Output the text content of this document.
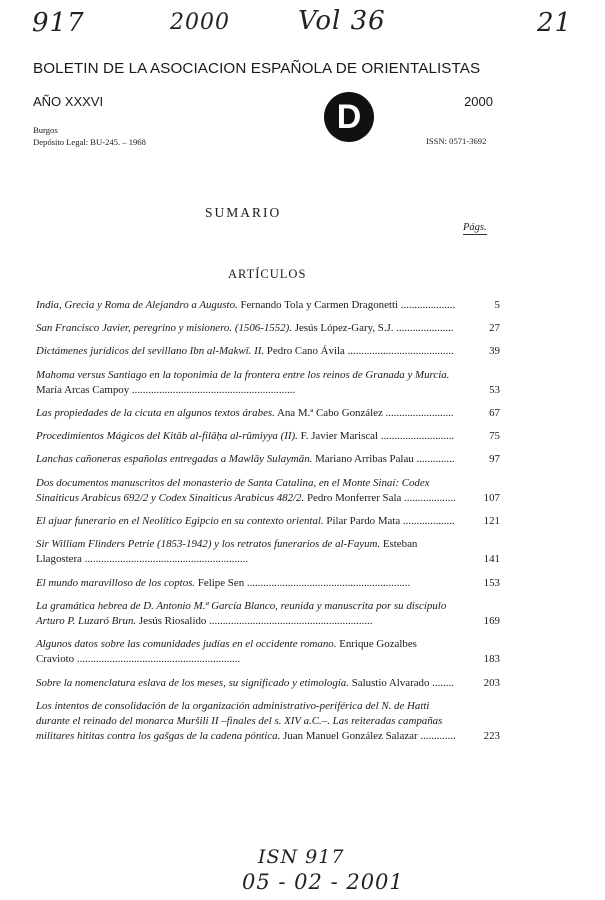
917	2000	Vol 36	21
BOLETIN DE LA ASOCIACION ESPAÑOLA DE ORIENTALISTAS
AÑO XXXVI	2000
D
Burgos
Depósito Legal: BU-245. – 1968	ISSN: 0571-3692
SUMARIO
Págs.
ARTÍCULOS
India, Grecia y Roma de Alejandro a Augusto. Fernando Tola y Carmen Dragonetti ....................	5
San Francisco Javier, peregrino y misionero. (1506-1552). Jesús López-Gary, S.J. .....................	27
Dictámenes jurídicos del sevillano Ibn al-Makwī. II. Pedro Cano Ávila .......................................	39
Mahoma versus Santiago en la toponimia de la frontera entre los reinos de Granada y Murcia. María Arcas Campoy ............................................................	53
Las propiedades de la cicuta en algunos textos árabes. Ana M.ª Cabo González .........................	67
Procedimientos Mágicos del Kitāb al-filāḥa al-rūmiyya (II). F. Javier Mariscal ...........................	75
Lanchas cañoneras españolas entregadas a Mawlāy Sulaymān. Mariano Arribas Palau ..............	97
Dos documentos manuscritos del monasterio de Santa Catalina, en el Monte Sinaí: Codex Sinaiticus Arabicus 692/2 y Codex Sinaiticus Arabicus 482/2. Pedro Monferrer Sala ...................	107
El ajuar funerario en el Neolítico Egipcio en su contexto oriental. Pilar Pardo Mata ...................	121
Sir William Flinders Petrie (1853-1942) y los retratos funerarios de al-Fayum. Esteban Llagostera ............................................................	141
El mundo maravilloso de los coptos. Felipe Sen ............................................................	153
La gramática hebrea de D. Antonio M.ª García Blanco, reunida y manuscrita por su discípulo Arturo P. Luzaró Brun. Jesús Riosalido ............................................................	169
Algunos datos sobre las comunidades judías en el occidente romano. Enrique Gozalbes Cravioto ............................................................	183
Sobre la nomenclatura eslava de los meses, su significado y etimología. Salustio Alvarado ........	203
Los intentos de consolidación de la organización administrativo-periférica del N. de Hatti durante el reinado del monarca Muršili II –finales del s. XIV a.C.–. Las reiteradas campañas militares hititas contra los gašgas de la cadena póntica. Juan Manuel González Salazar .............	223
ISN 917
05 - 02 - 2001
